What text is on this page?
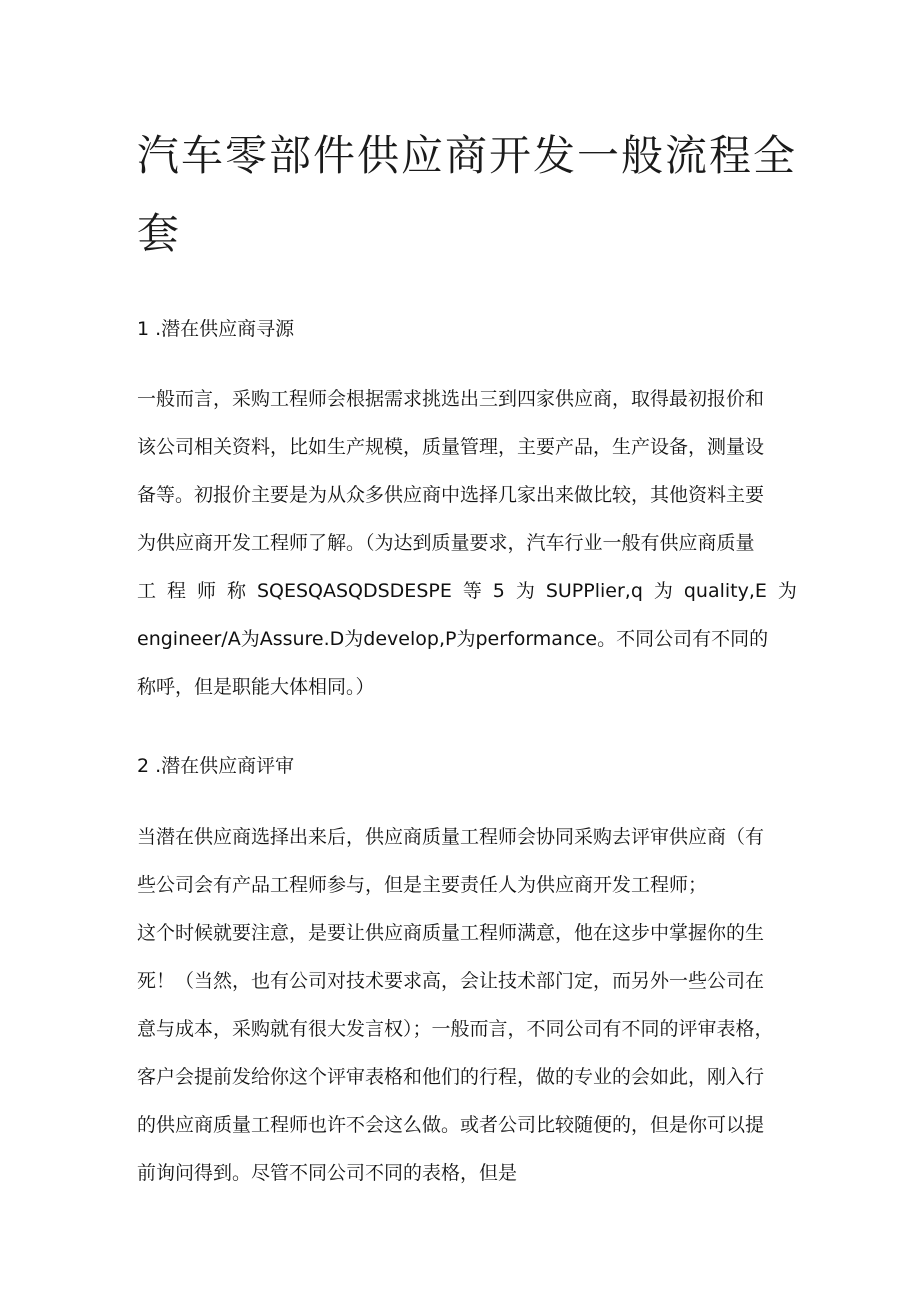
汽车零部件供应商开发一般流程全
套
1 .潜在供应商寻源
一般而言，采购工程师会根据需求挑选出三到四家供应商，取得最初报价和
该公司相关资料，比如生产规模，质量管理，主要产品，生产设备，测量设
备等。初报价主要是为从众多供应商中选择几家出来做比较，其他资料主要
为供应商开发工程师了解。（为达到质量要求，汽车行业一般有供应商质量
工 程 师 称 SQESQASQDSDESPE 等 5 为 SUPPlier,q 为 quality,E 为
engineer/A为Assure.D为develop,P为performance。不同公司有不同的
称呼，但是职能大体相同。）
2 .潜在供应商评审
当潜在供应商选择出来后，供应商质量工程师会协同采购去评审供应商（有
些公司会有产品工程师参与，但是主要责任人为供应商开发工程师；
这个时候就要注意，是要让供应商质量工程师满意，他在这步中掌握你的生
死！（当然，也有公司对技术要求高，会让技术部门定，而另外一些公司在
意与成本，采购就有很大发言权）；一般而言，不同公司有不同的评审表格，
客户会提前发给你这个评审表格和他们的行程，做的专业的会如此，刚入行
的供应商质量工程师也许不会这么做。或者公司比较随便的，但是你可以提
前询问得到。尽管不同公司不同的表格，但是
